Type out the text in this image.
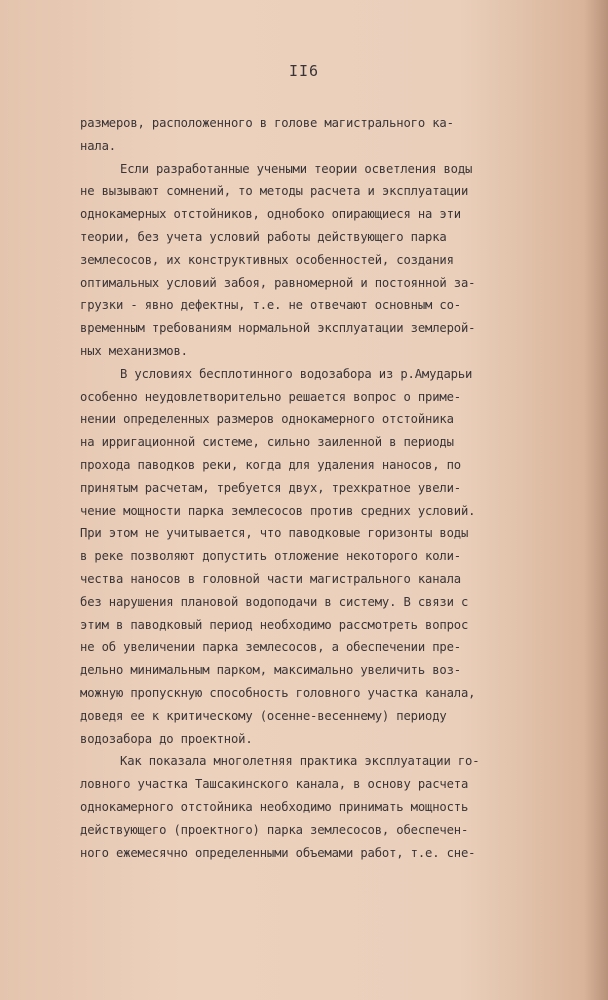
II6
размеров, расположенного в голове магистрального ка-
нала.
Если разработанные учеными теории осветления воды
не вызывают сомнений, то методы расчета и эксплуатации
однокамерных отстойников, однобоко опирающиеся на эти
теории, без учета условий работы действующего парка
землесосов, их конструктивных особенностей, создания
оптимальных условий забоя, равномерной и постоянной за-
грузки - явно дефектны, т.е. не отвечают основным со-
временным требованиям нормальной эксплуатации землерой-
ных механизмов.
В условиях бесплотинного водозабора из р.Амударьи
особенно неудовлетворительно решается вопрос о приме-
нении определенных размеров однокамерного отстойника
на ирригационной системе, сильно заиленной в периоды
прохода паводков реки, когда для удаления наносов, по
принятым расчетам, требуется двух, трехкратное увели-
чение мощности парка землесосов против средних условий.
При этом не учитывается, что паводковые горизонты воды
в реке позволяют допустить отложение некоторого коли-
чества наносов в головной части магистрального канала
без нарушения плановой водоподачи в систему. В связи с
этим в паводковый период необходимо рассмотреть вопрос
не об увеличении парка землесосов, а обеспечении пре-
дельно минимальным парком, максимально увеличить воз-
можную пропускную способность головного участка канала,
доведя ее к критическому (осенне-весеннему) периоду
водозабора до проектной.
Как показала многолетняя практика эксплуатации го-
ловного участка Ташсакинского канала, в основу расчета
однокамерного отстойника необходимо принимать мощность
действующего (проектного) парка землесосов, обеспечен-
ного ежемесячно определенными объемами работ, т.е. сне-
